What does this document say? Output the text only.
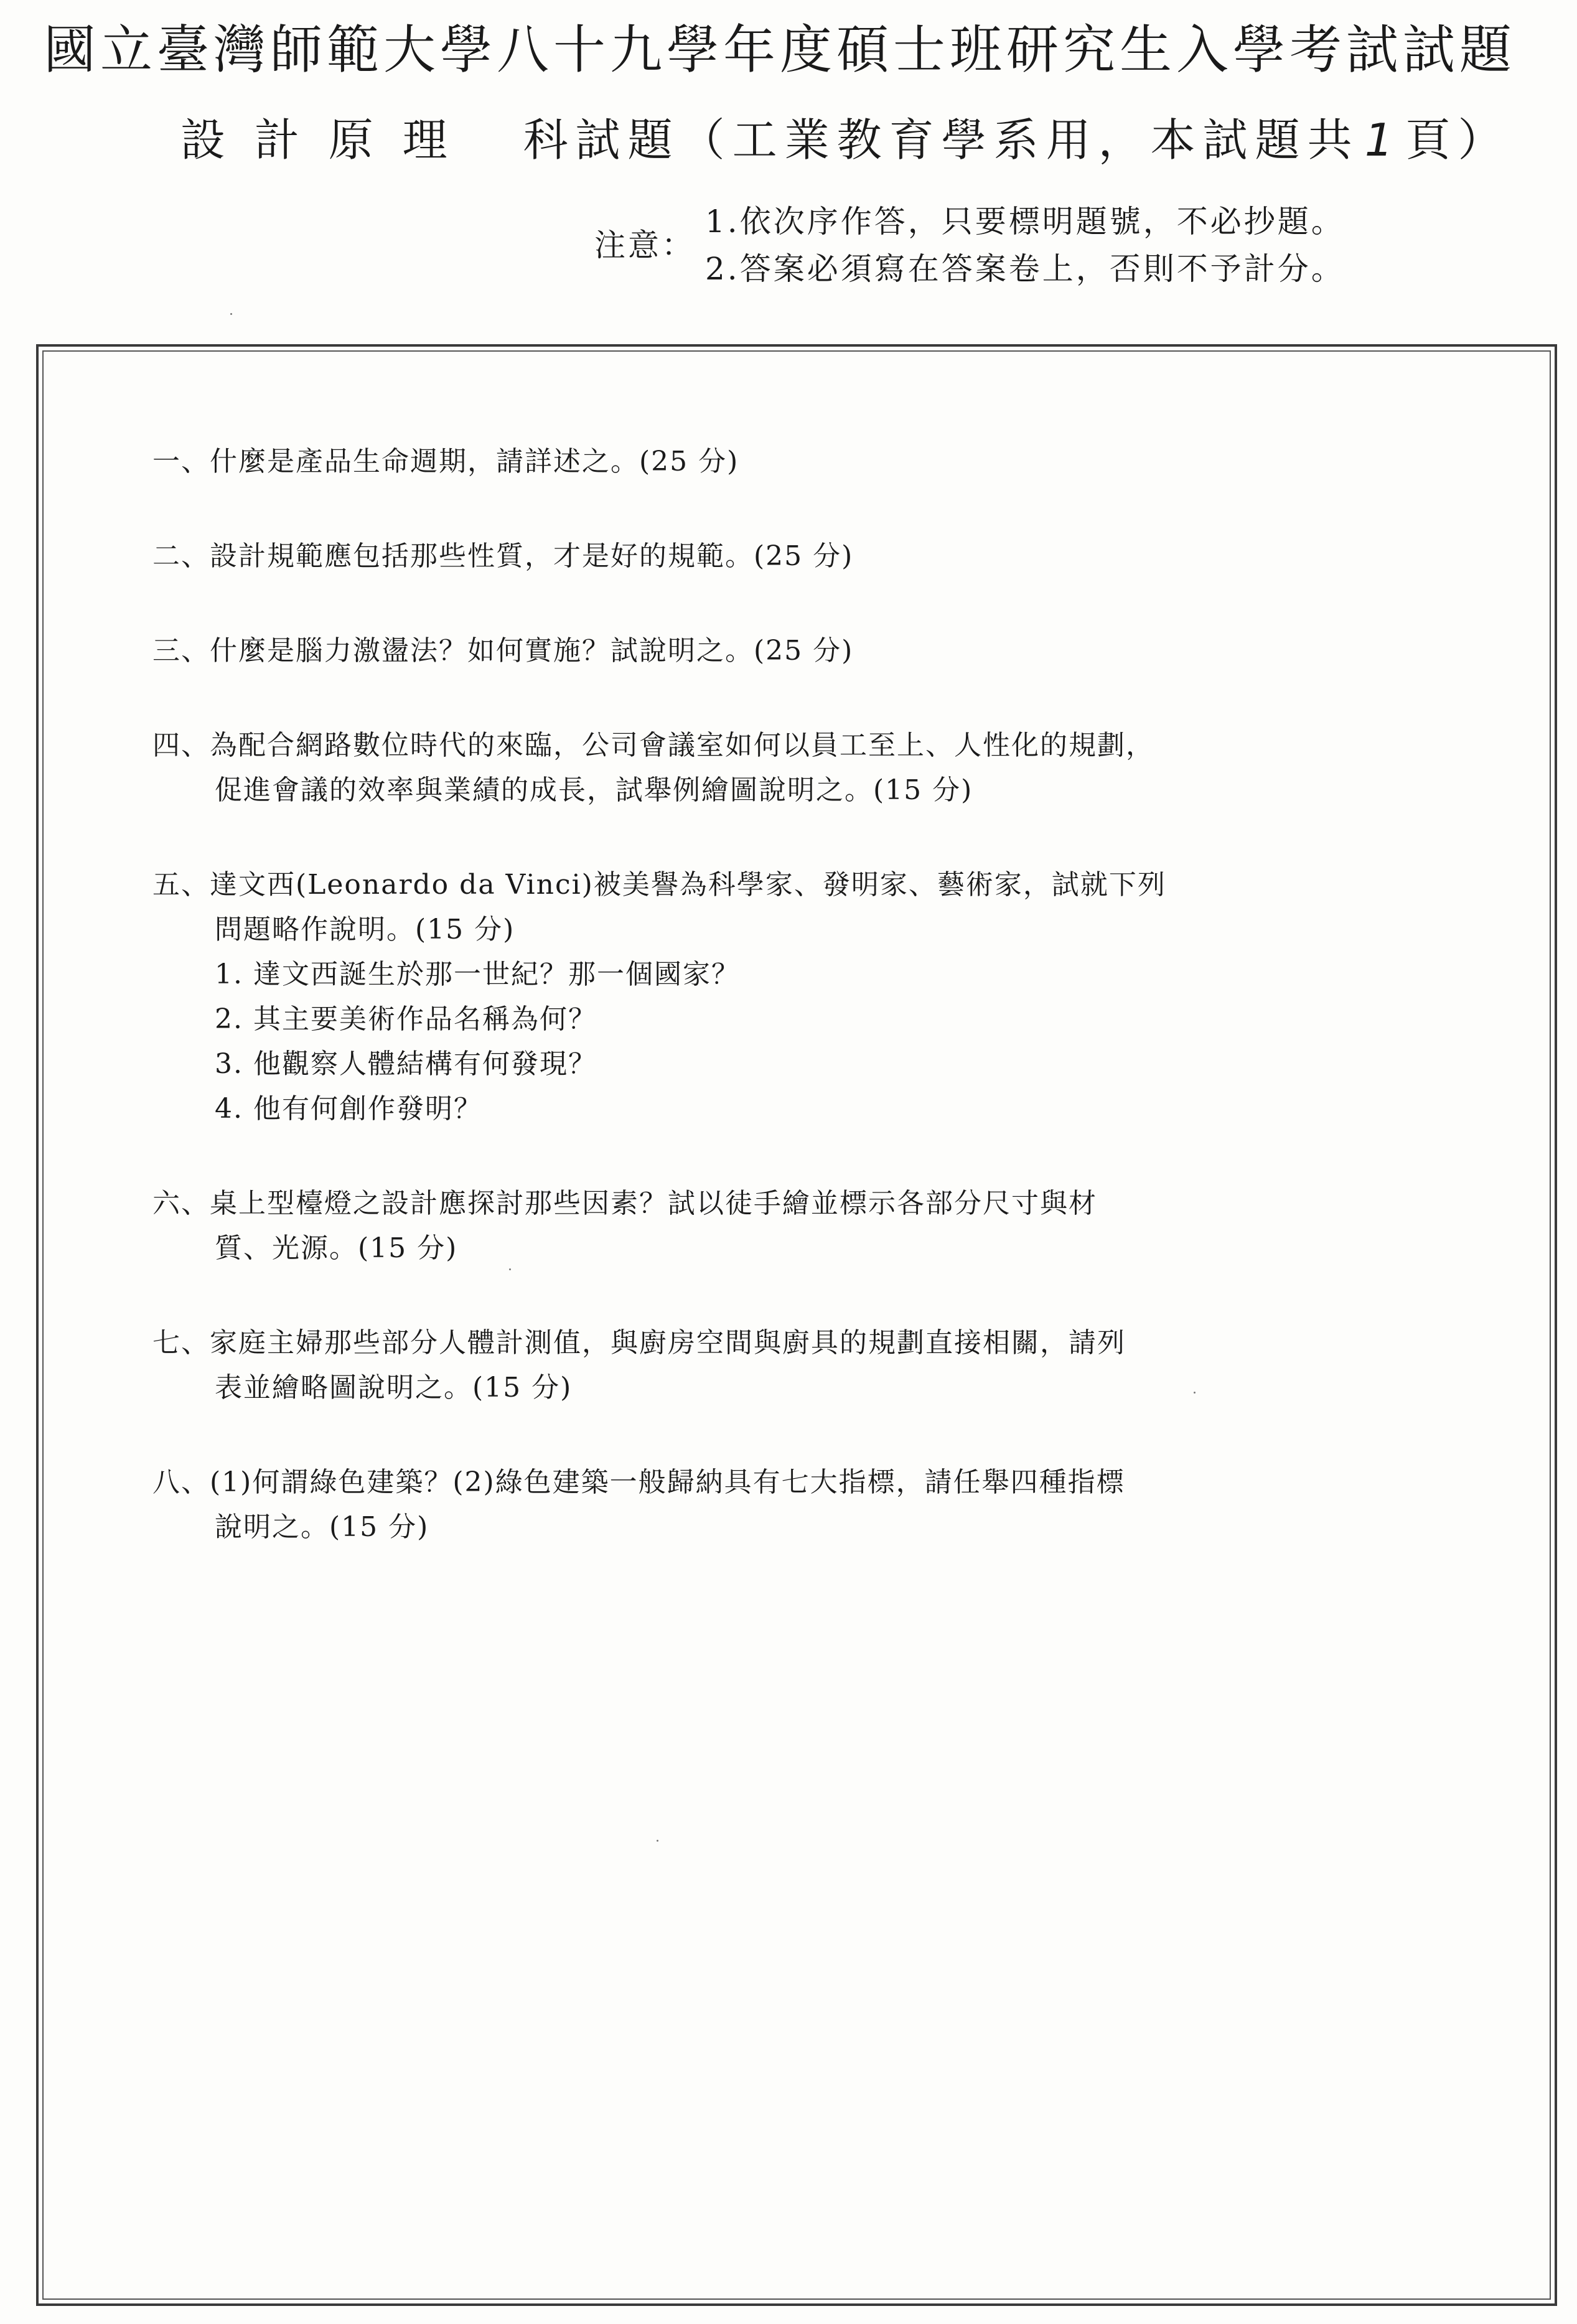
國立臺灣師範大學八十九學年度碩士班研究生入學考試試題
設 計 原 理 科試題（工業教育學系用，本試題共 1 頁）
注意：
1.依次序作答，只要標明題號，不必抄題。
2.答案必須寫在答案卷上，否則不予計分。
一、什麼是產品生命週期，請詳述之。(25 分)
二、設計規範應包括那些性質，才是好的規範。(25 分)
三、什麼是腦力激盪法？如何實施？試說明之。(25 分)
四、為配合網路數位時代的來臨，公司會議室如何以員工至上、人性化的規劃，
促進會議的效率與業績的成長，試舉例繪圖說明之。(15 分)
五、達文西(Leonardo da Vinci)被美譽為科學家、發明家、藝術家，試就下列
問題略作說明。(15 分)
1. 達文西誕生於那一世紀？那一個國家？
2. 其主要美術作品名稱為何？
3. 他觀察人體結構有何發現？
4. 他有何創作發明？
六、桌上型檯燈之設計應探討那些因素？試以徒手繪並標示各部分尺寸與材
質、光源。(15 分)
七、家庭主婦那些部分人體計測值，與廚房空間與廚具的規劃直接相關，請列
表並繪略圖說明之。(15 分)
八、(1)何謂綠色建築？(2)綠色建築一般歸納具有七大指標，請任舉四種指標
說明之。(15 分)
